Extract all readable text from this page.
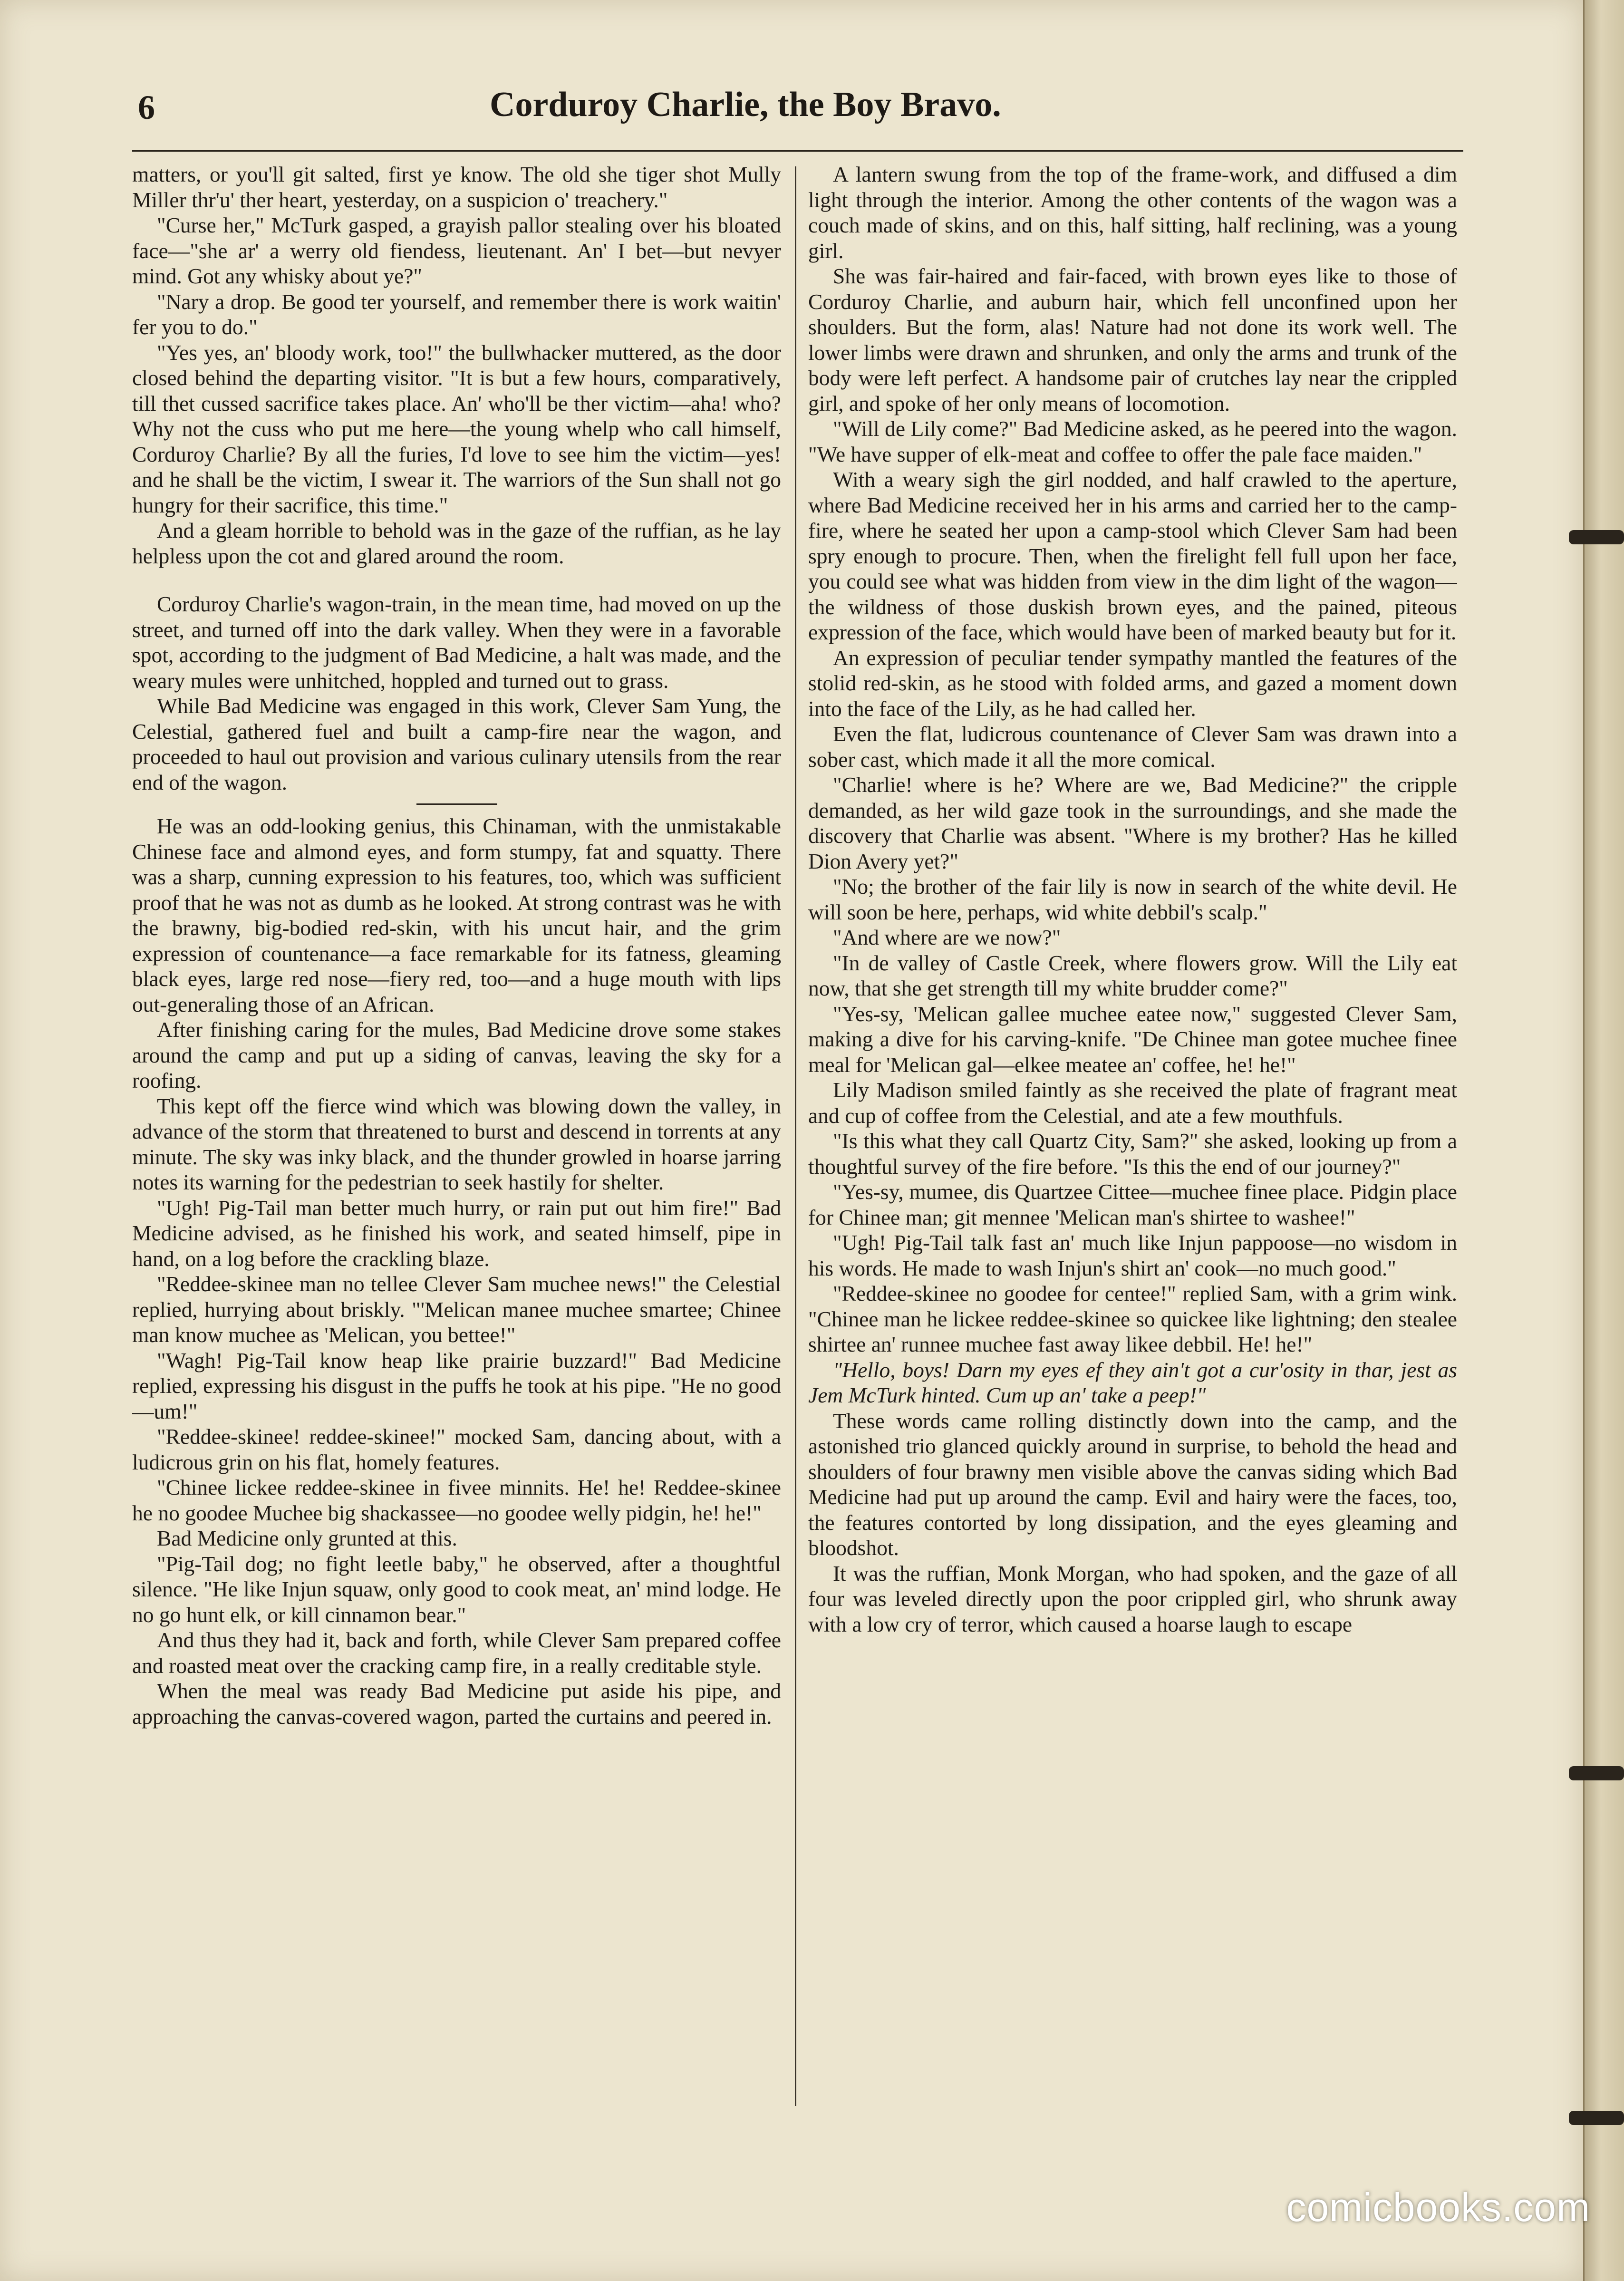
6	Corduroy Charlie, the Boy Bravo.

matters, or you'll git salted, first ye know. The old she tiger shot Mully Miller thr'u' ther heart, yesterday, on a suspicion o' treachery."

"Curse her," McTurk gasped, a grayish pallor stealing over his bloated face—"she ar' a werry old fiendess, lieutenant. An' I bet—but nevyer mind. Got any whisky about ye?"

"Nary a drop. Be good ter yourself, and remember there is work waitin' fer you to do."

"Yes yes, an' bloody work, too!" the bullwhacker muttered, as the door closed behind the departing visitor. "It is but a few hours, comparatively, till thet cussed sacrifice takes place. An' who'll be ther victim—aha! who? Why not the cuss who put me here—the young whelp who call himself, Corduroy Charlie? By all the furies, I'd love to see him the victim—yes! and he shall be the victim, I swear it. The warriors of the Sun shall not go hungry for their sacrifice, this time."

And a gleam horrible to behold was in the gaze of the ruffian, as he lay helpless upon the cot and glared around the room.

Corduroy Charlie's wagon-train, in the mean time, had moved on up the street, and turned off into the dark valley. When they were in a favorable spot, according to the judgment of Bad Medicine, a halt was made, and the weary mules were unhitched, hoppled and turned out to grass.

While Bad Medicine was engaged in this work, Clever Sam Yung, the Celestial, gathered fuel and built a camp-fire near the wagon, and proceeded to haul out provision and various culinary utensils from the rear end of the wagon.

He was an odd-looking genius, this Chinaman, with the unmistakable Chinese face and almond eyes, and form stumpy, fat and squatty. There was a sharp, cunning expression to his features, too, which was sufficient proof that he was not as dumb as he looked. At strong contrast was he with the brawny, big-bodied red-skin, with his uncut hair, and the grim expression of countenance—a face remarkable for its fatness, gleaming black eyes, large red nose—fiery red, too—and a huge mouth with lips out-generaling those of an African.

After finishing caring for the mules, Bad Medicine drove some stakes around the camp and put up a siding of canvas, leaving the sky for a roofing.

This kept off the fierce wind which was blowing down the valley, in advance of the storm that threatened to burst and descend in torrents at any minute. The sky was inky black, and the thunder growled in hoarse jarring notes its warning for the pedestrian to seek hastily for shelter.

"Ugh! Pig-Tail man better much hurry, or rain put out him fire!" Bad Medicine advised, as he finished his work, and seated himself, pipe in hand, on a log before the crackling blaze.

"Reddee-skinee man no tellee Clever Sam muchee news!" the Celestial replied, hurrying about briskly. "'Melican manee muchee smartee; Chinee man know muchee as 'Melican, you bettee!"

"Wagh! Pig-Tail know heap like prairie buzzard!" Bad Medicine replied, expressing his disgust in the puffs he took at his pipe. "He no good—um!"

"Reddee-skinee! reddee-skinee!" mocked Sam, dancing about, with a ludicrous grin on his flat, homely features.

"Chinee lickee reddee-skinee in fivee minnits. He! he! Reddee-skinee he no goodee Muchee big shackassee—no goodee welly pidgin, he! he!"

Bad Medicine only grunted at this.

"Pig-Tail dog; no fight leetle baby," he observed, after a thoughtful silence. "He like Injun squaw, only good to cook meat, an' mind lodge. He no go hunt elk, or kill cinnamon bear."

And thus they had it, back and forth, while Clever Sam prepared coffee and roasted meat over the cracking camp fire, in a really creditable style.

When the meal was ready Bad Medicine put aside his pipe, and approaching the canvas-covered wagon, parted the curtains and peered in.

A lantern swung from the top of the frame-work, and diffused a dim light through the interior. Among the other contents of the wagon was a couch made of skins, and on this, half sitting, half reclining, was a young girl.

She was fair-haired and fair-faced, with brown eyes like to those of Corduroy Charlie, and auburn hair, which fell unconfined upon her shoulders. But the form, alas! Nature had not done its work well. The lower limbs were drawn and shrunken, and only the arms and trunk of the body were left perfect. A handsome pair of crutches lay near the crippled girl, and spoke of her only means of locomotion.

"Will de Lily come?" Bad Medicine asked, as he peered into the wagon. "We have supper of elk-meat and coffee to offer the pale face maiden."

With a weary sigh the girl nodded, and half crawled to the aperture, where Bad Medicine received her in his arms and carried her to the camp-fire, where he seated her upon a camp-stool which Clever Sam had been spry enough to procure. Then, when the firelight fell full upon her face, you could see what was hidden from view in the dim light of the wagon—the wildness of those duskish brown eyes, and the pained, piteous expression of the face, which would have been of marked beauty but for it.

An expression of peculiar tender sympathy mantled the features of the stolid red-skin, as he stood with folded arms, and gazed a moment down into the face of the Lily, as he had called her.

Even the flat, ludicrous countenance of Clever Sam was drawn into a sober cast, which made it all the more comical.

"Charlie! where is he? Where are we, Bad Medicine?" the cripple demanded, as her wild gaze took in the surroundings, and she made the discovery that Charlie was absent. "Where is my brother? Has he killed Dion Avery yet?"

"No; the brother of the fair lily is now in search of the white devil. He will soon be here, perhaps, wid white debbil's scalp."

"And where are we now?"

"In de valley of Castle Creek, where flowers grow. Will the Lily eat now, that she get strength till my white brudder come?"

"Yes-sy, 'Melican gallee muchee eatee now," suggested Clever Sam, making a dive for his carving-knife. "De Chinee man gotee muchee finee meal for 'Melican gal—elkee meatee an' coffee, he! he!"

Lily Madison smiled faintly as she received the plate of fragrant meat and cup of coffee from the Celestial, and ate a few mouthfuls.

"Is this what they call Quartz City, Sam?" she asked, looking up from a thoughtful survey of the fire before. "Is this the end of our journey?"

"Yes-sy, mumee, dis Quartzee Cittee—muchee finee place. Pidgin place for Chinee man; git mennee 'Melican man's shirtee to washee!"

"Ugh! Pig-Tail talk fast an' much like Injun pappoose—no wisdom in his words. He made to wash Injun's shirt an' cook—no much good."

"Reddee-skinee no goodee for centee!" replied Sam, with a grim wink. "Chinee man he lickee reddee-skinee so quickee like lightning; den stealee shirtee an' runnee muchee fast away likee debbil. He! he!"

"Hello, boys! Darn my eyes ef they ain't got a cur'osity in thar, jest as Jem McTurk hinted. Cum up an' take a peep!"

These words came rolling distinctly down into the camp, and the astonished trio glanced quickly around in surprise, to behold the head and shoulders of four brawny men visible above the canvas siding which Bad Medicine had put up around the camp. Evil and hairy were the faces, too, the features contorted by long dissipation, and the eyes gleaming and bloodshot.

It was the ruffian, Monk Morgan, who had spoken, and the gaze of all four was leveled directly upon the poor crippled girl, who shrunk away with a low cry of terror, which caused a hoarse laugh to escape

comicbooks.com
